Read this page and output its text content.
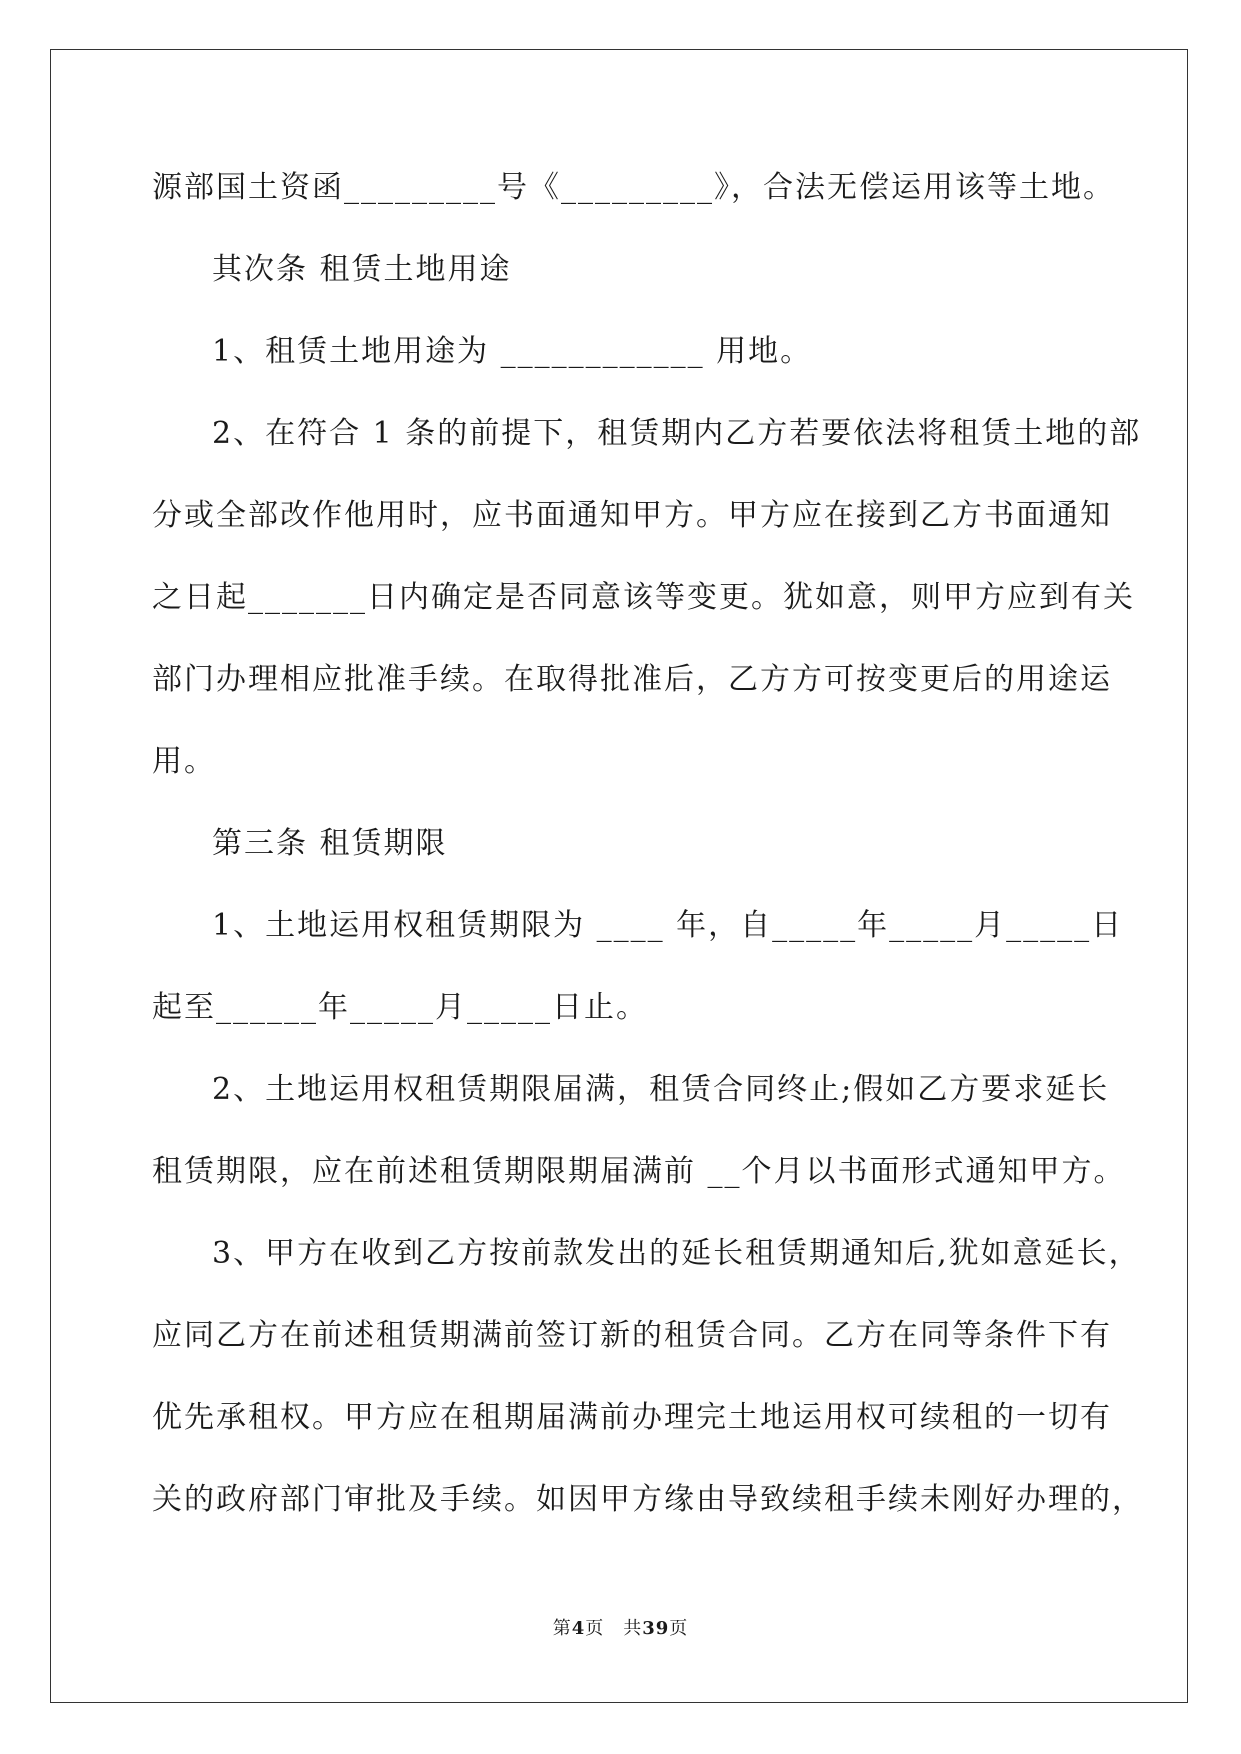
源部国土资函_________号《_________》，合法无偿运用该等土地。
其次条 租赁土地用途
1、租赁土地用途为 ____________ 用地。
2、在符合 1 条的前提下，租赁期内乙方若要依法将租赁土地的部
分或全部改作他用时，应书面通知甲方。甲方应在接到乙方书面通知
之日起_______日内确定是否同意该等变更。犹如意，则甲方应到有关
部门办理相应批准手续。在取得批准后，乙方方可按变更后的用途运
用。
第三条 租赁期限
1、土地运用权租赁期限为 ____ 年，自_____年_____月_____日
起至______年_____月_____日止。
2、土地运用权租赁期限届满，租赁合同终止;假如乙方要求延长
租赁期限，应在前述租赁期限期届满前 __个月以书面形式通知甲方。
3、甲方在收到乙方按前款发出的延长租赁期通知后,犹如意延长，
应同乙方在前述租赁期满前签订新的租赁合同。乙方在同等条件下有
优先承租权。甲方应在租期届满前办理完土地运用权可续租的一切有
关的政府部门审批及手续。如因甲方缘由导致续租手续未刚好办理的，
第4页　共39页
